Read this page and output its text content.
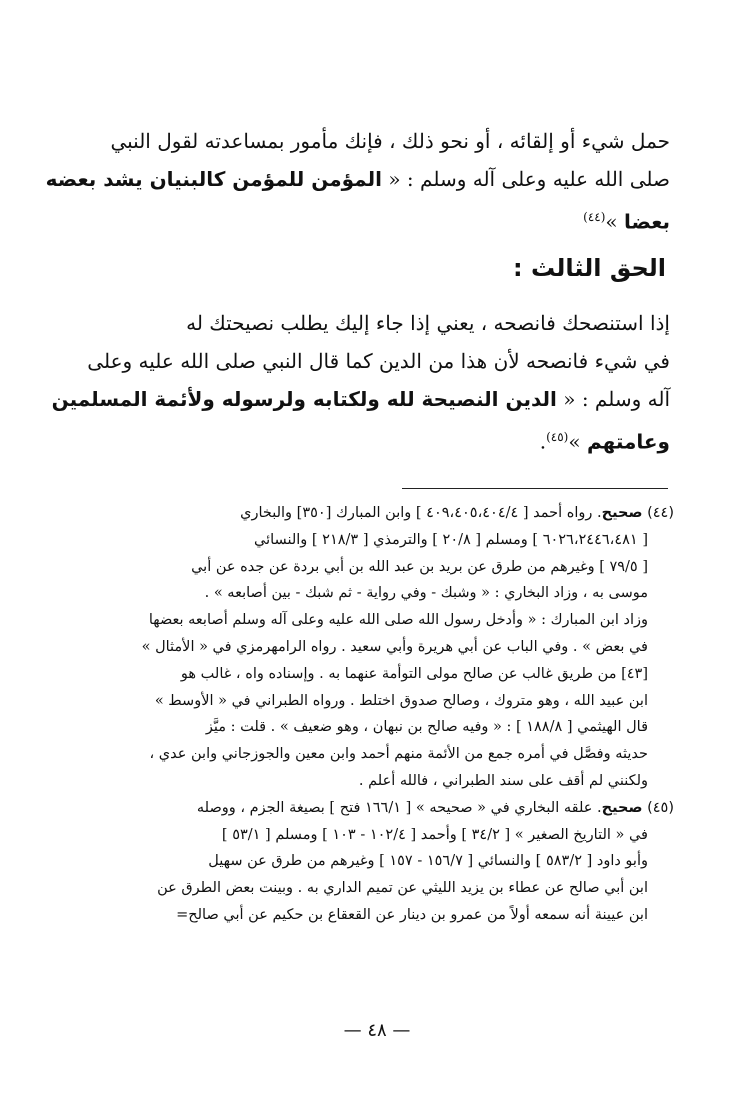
حمل شيء أو إلقائه ، أو نحو ذلك ، فإنك مأمور بمساعدته لقول النبي
صلى الله عليه وعلى آله وسلم : « المؤمن للمؤمن كالبنيان يشد بعضه
بعضا »$^{(٤٤)}$
الحق الثالث :
إذا استنصحك فانصحه ، يعني إذا جاء إليك يطلب نصيحتك له
في شيء فانصحه لأن هذا من الدين كما قال النبي صلى الله عليه وعلى
آله وسلم : « الدين النصيحة لله ولكتابه ولرسوله ولأئمة المسلمين
وعامتهم »$^{(٤٥)}$.
(٤٤) صحيح. رواه أحمد [ ٤٠٩،٤٠٥،٤٠٤/٤ ] وابن المبارك [٣٥٠] والبخاري
[ ٦٠٢٦،٢٤٤٦،٤٨١ ] ومسلم [ ٢٠/٨ ] والترمذي [ ٢١٨/٣ ] والنسائي
[ ٧٩/٥ ] وغيرهم من طرق عن بريد بن عبد الله بن أبي بردة عن جده عن أبي
موسى به ، وزاد البخاري : « وشبك - وفي رواية - ثم شبك - بين أصابعه » .
وزاد ابن المبارك : « وأدخل رسول الله صلى الله عليه وعلى آله وسلم أصابعه بعضها
في بعض » . وفي الباب عن أبي هريرة وأبي سعيد . رواه الرامهرمزي في « الأمثال »
[٤٣] من طريق غالب عن صالح مولى التوأمة عنهما به . وإسناده واه ، غالب هو
ابن عبيد الله ، وهو متروك ، وصالح صدوق اختلط . ورواه الطبراني في « الأوسط »
قال الهيثمي [ ١٨٨/٨ ] : « وفيه صالح بن نبهان ، وهو ضعيف » . قلت : ميَّز
حديثه وفصَّل في أمره جمع من الأئمة منهم أحمد وابن معين والجوزجاني وابن عدي ،
ولكنني لم أقف على سند الطبراني ، فالله أعلم .
(٤٥) صحيح. علقه البخاري في « صحيحه » [ ١٦٦/١ فتح ] بصيغة الجزم ، ووصله
في « التاريخ الصغير » [ ٣٤/٢ ] وأحمد [ ١٠٢/٤ - ١٠٣ ] ومسلم [ ٥٣/١ ]
وأبو داود [ ٥٨٣/٢ ] والنسائي [ ١٥٦/٧ - ١٥٧ ] وغيرهم من طرق عن سهيل
ابن أبي صالح عن عطاء بن يزيد الليثي عن تميم الداري به . وبينت بعض الطرق عن
ابن عيينة أنه سمعه أولاً من عمرو بن دينار عن القعقاع بن حكيم عن أبي صالح=
— ٤٨ —
